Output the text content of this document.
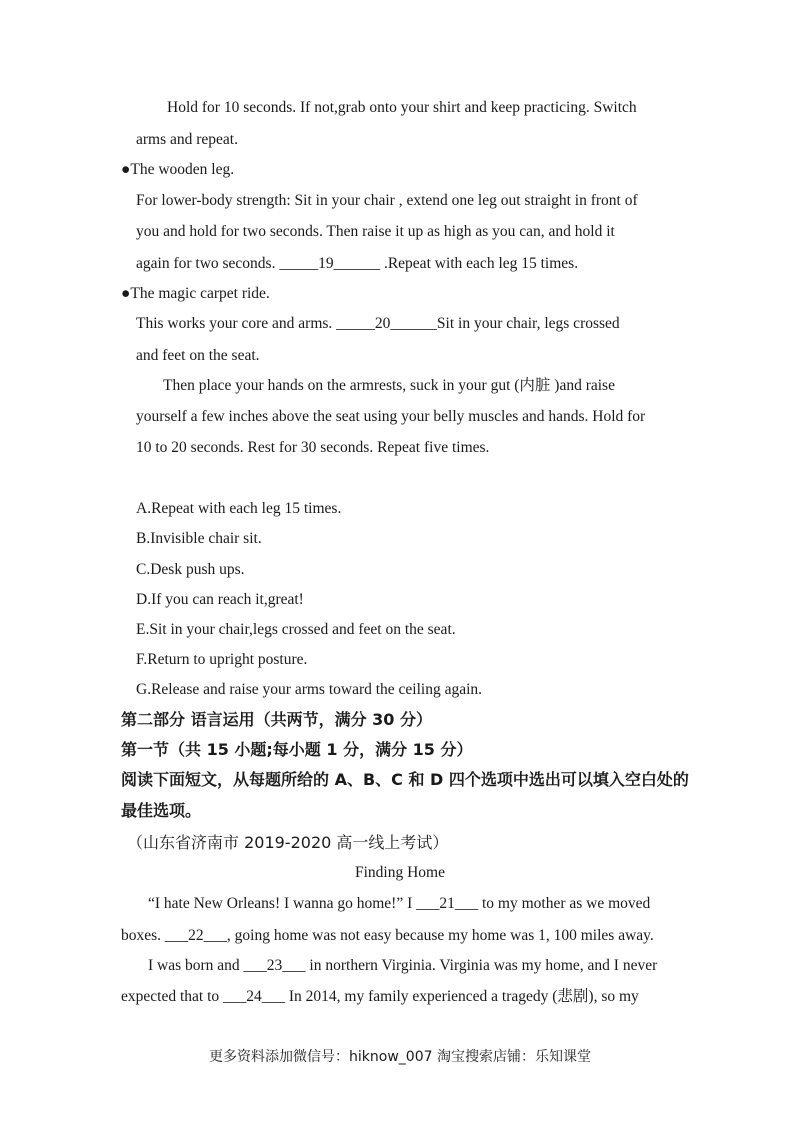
Hold for 10 seconds. If not,grab onto your shirt and keep practicing. Switch
arms and repeat.
●The wooden leg.
For lower-body strength: Sit in your chair , extend one leg out straight in front of
you and hold for two seconds. Then raise it up as high as you can, and hold it
again for two seconds. _____19______ .Repeat with each leg 15 times.
●The magic carpet ride.
This works your core and arms. _____20______Sit in your chair, legs crossed
and feet on the seat.
Then place your hands on the armrests, suck in your gut (内脏 )and raise
yourself a few inches above the seat using your belly muscles and hands. Hold for
10 to 20 seconds. Rest for 30 seconds. Repeat five times.
A.Repeat with each leg 15 times.
B.Invisible chair sit.
C.Desk push ups.
D.If you can reach it,great!
E.Sit in your chair,legs crossed and feet on the seat.
F.Return to upright posture.
G.Release and raise your arms toward the ceiling again.
第二部分 语言运用（共两节，满分 30 分）
第一节（共 15 小题;每小题 1 分，满分 15 分）
阅读下面短文，从每题所给的 A、B、C 和 D 四个选项中选出可以填入空白处的
最佳选项。
（山东省济南市 2019-2020 高一线上考试）
Finding Home
“I hate New Orleans! I wanna go home!” I ___21___ to my mother as we moved
boxes. ___22___, going home was not easy because my home was 1, 100 miles away.
I was born and ___23___ in northern Virginia. Virginia was my home, and I never
expected that to ___24___ In 2014, my family experienced a tragedy (悲剧), so my
更多资料添加微信号：hiknow_007 淘宝搜索店铺：乐知课堂
